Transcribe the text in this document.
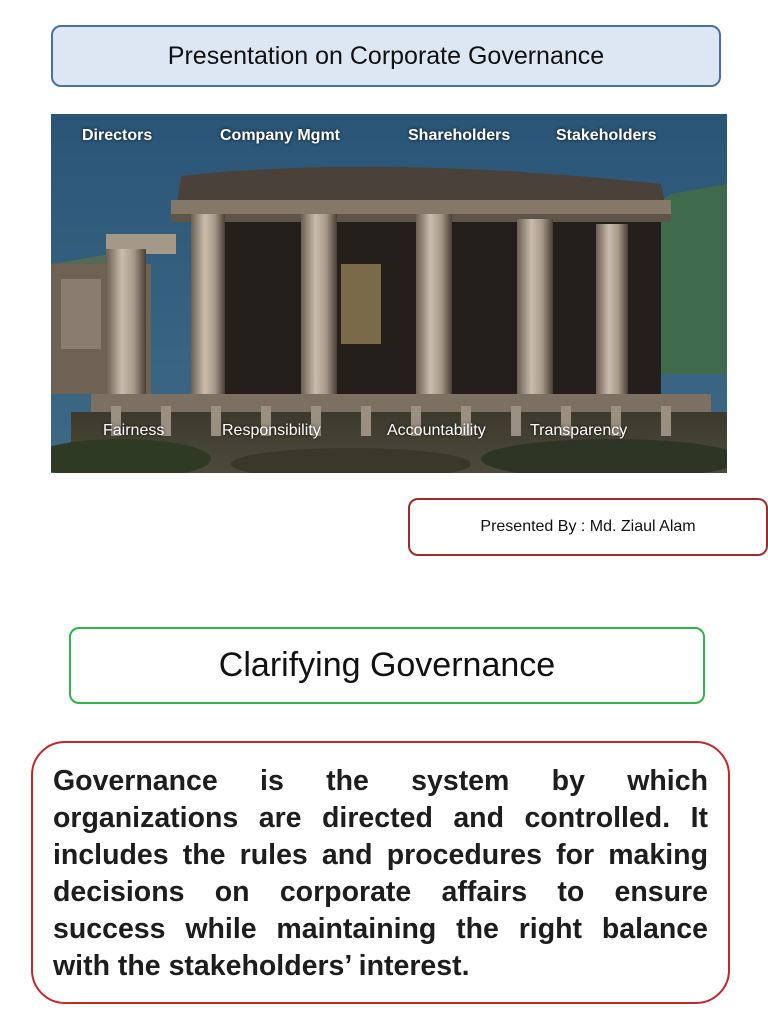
Presentation on Corporate Governance
Directors	Company Mgmt	Shareholders	Stakeholders
Fairness	Responsibility	Accountability	Transparency
Presented By : Md. Ziaul Alam
Clarifying Governance

Governance is the system by which organizations are directed and controlled. It includes the rules and procedures for making decisions on corporate affairs to ensure success while maintaining the right balance with the stakeholders’ interest.
